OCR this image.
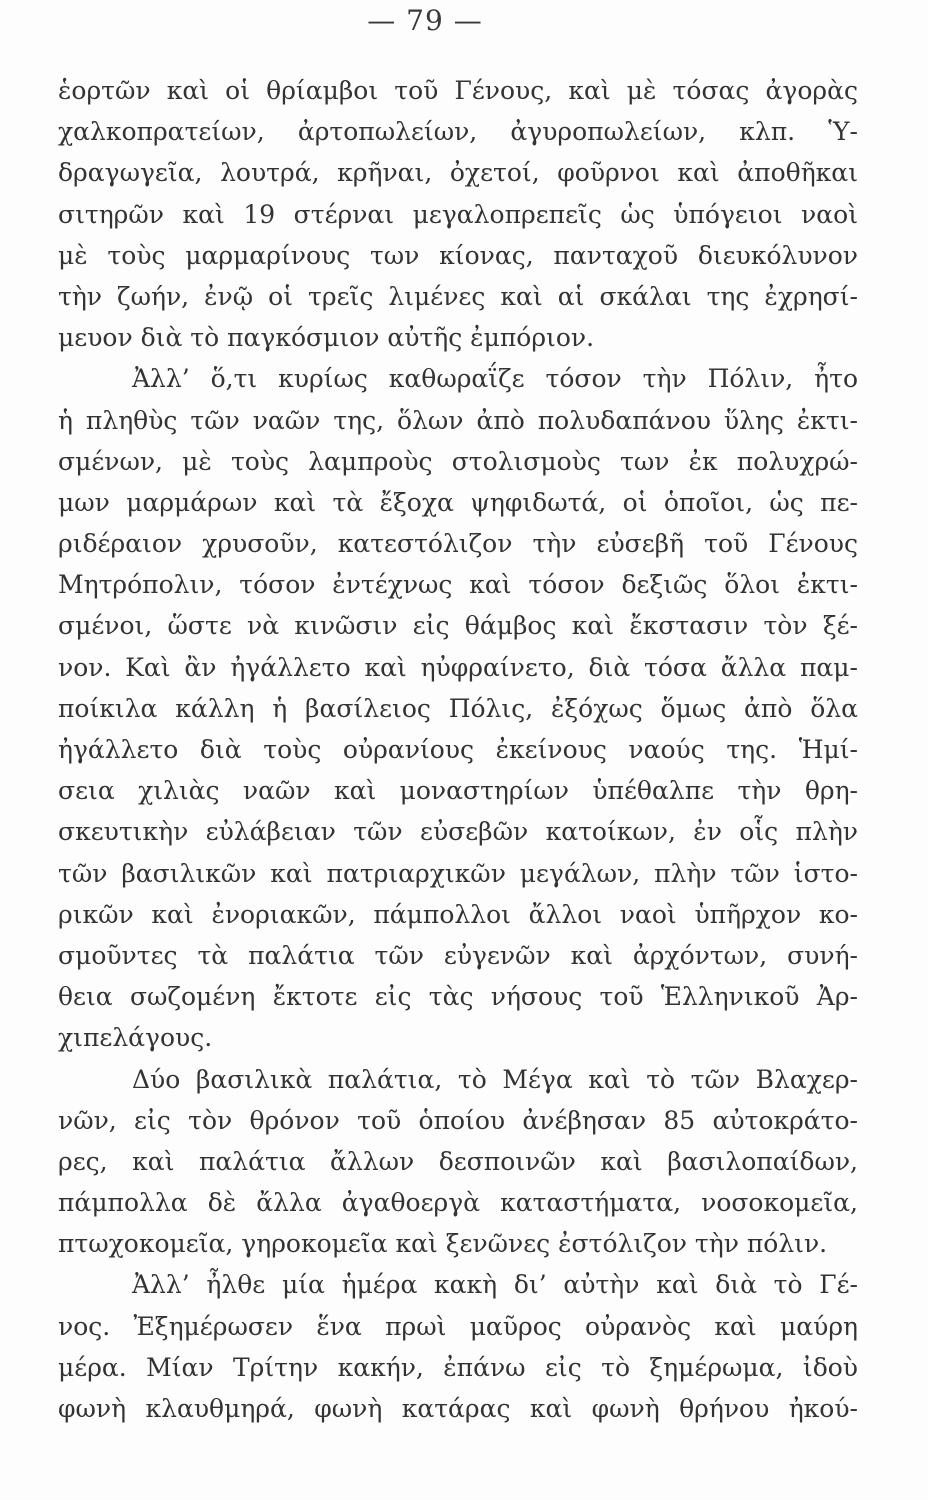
— 79 —
ἑορτῶν καὶ οἱ θρίαμβοι τοῦ Γένους, καὶ μὲ τόσας ἀγορὰς
χαλκοπρατείων, ἀρτοπωλείων, ἀγυροπωλείων, κλπ. Ὑ-
δραγωγεῖα, λουτρά, κρῆναι, ὀχετοί, φοῦρνοι καὶ ἀποθῆκαι
σιτηρῶν καὶ 19 στέρναι μεγαλοπρεπεῖς ὡς ὑπόγειοι ναοὶ
μὲ τοὺς μαρμαρίνους των κίονας, πανταχοῦ διευκόλυνον
τὴν ζωήν, ἐνῷ οἱ τρεῖς λιμένες καὶ αἱ σκάλαι της ἐχρησί-
μευον διὰ τὸ παγκόσμιον αὐτῆς ἐμπόριον.
Ἀλλ’ ὅ,τι κυρίως καθωραΐζε τόσον τὴν Πόλιν, ἦτο
ἡ πληθὺς τῶν ναῶν της, ὅλων ἀπὸ πολυδαπάνου ὕλης ἐκτι-
σμένων, μὲ τοὺς λαμπροὺς στολισμοὺς των ἐκ πολυχρώ-
μων μαρμάρων καὶ τὰ ἔξοχα ψηφιδωτά, οἱ ὁποῖοι, ὡς πε-
ριδέραιον χρυσοῦν, κατεστόλιζον τὴν εὐσεβῆ τοῦ Γένους
Μητρόπολιν, τόσον ἐντέχνως καὶ τόσον δεξιῶς ὅλοι ἐκτι-
σμένοι, ὥστε νὰ κινῶσιν εἰς θάμβος καὶ ἔκστασιν τὸν ξέ-
νον. Καὶ ἂν ἠγάλλετο καὶ ηὐφραίνετο, διὰ τόσα ἄλλα παμ-
ποίκιλα κάλλη ἡ βασίλειος Πόλις, ἐξόχως ὅμως ἀπὸ ὅλα
ἠγάλλετο διὰ τοὺς οὐρανίους ἐκείνους ναούς της. Ἡμί-
σεια χιλιὰς ναῶν καὶ μοναστηρίων ὑπέθαλπε τὴν θρη-
σκευτικὴν εὐλάβειαν τῶν εὐσεβῶν κατοίκων, ἐν οἷς πλὴν
τῶν βασιλικῶν καὶ πατριαρχικῶν μεγάλων, πλὴν τῶν ἱστο-
ρικῶν καὶ ἐνοριακῶν, πάμπολλοι ἄλλοι ναοὶ ὑπῆρχον κο-
σμοῦντες τὰ παλάτια τῶν εὐγενῶν καὶ ἀρχόντων, συνή-
θεια σωζομένη ἔκτοτε εἰς τὰς νήσους τοῦ Ἑλληνικοῦ Ἀρ-
χιπελάγους.
Δύο βασιλικὰ παλάτια, τὸ Μέγα καὶ τὸ τῶν Βλαχερ-
νῶν, εἰς τὸν θρόνον τοῦ ὁποίου ἀνέβησαν 85 αὐτοκράτο-
ρες, καὶ παλάτια ἄλλων δεσποινῶν καὶ βασιλοπαίδων,
πάμπολλα δὲ ἄλλα ἀγαθοεργὰ καταστήματα, νοσοκομεῖα,
πτωχοκομεῖα, γηροκομεῖα καὶ ξενῶνες ἐστόλιζον τὴν πόλιν.
Ἀλλ’ ἦλθε μία ἡμέρα κακὴ δι’ αὐτὴν καὶ διὰ τὸ Γέ-
νος. Ἐξημέρωσεν ἕνα πρωὶ μαῦρος οὐρανὸς καὶ μαύρη
μέρα. Μίαν Τρίτην κακήν, ἐπάνω εἰς τὸ ξημέρωμα, ἰδοὺ
φωνὴ κλαυθμηρά, φωνὴ κατάρας καὶ φωνὴ θρήνου ἠκού-
